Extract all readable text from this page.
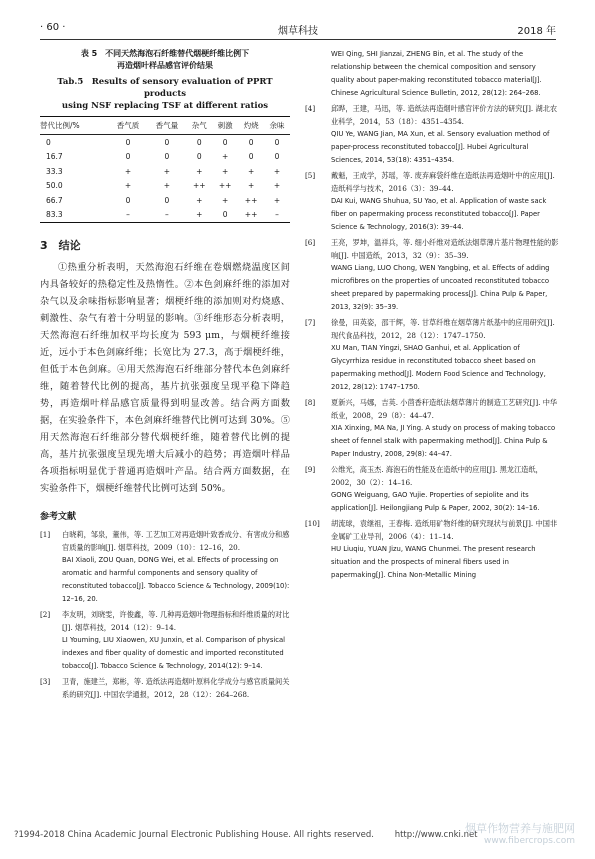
· 60 ·	烟草科技	2018 年
表 5　不同天然海泡石纤维替代烟梗纤维比例下
再造烟叶样品感官评价结果
Tab.5　Results of sensory evaluation of PPRT products
using NSF replacing TSF at different ratios
替代比例/%	香气质	香气量	杂气	刺激	灼烧	余味
0	0	0	0	0	0	0
16.7	0	0	0	+	0	0
33.3	+	+	+	+	+	+
50.0	+	+	++	++	+	+
66.7	0	0	+	+	++	+
83.3	–	–	+	0	++	–
3　结论

①热重分析表明，天然海泡石纤维在卷烟燃烧温度区间内具备较好的热稳定性及热惰性。②本色剑麻纤维的添加对杂气以及余味指标影响显著；烟梗纤维的添加则对灼烧感、刺激性、杂气有着十分明显的影响。③纤维形态分析表明，天然海泡石纤维加权平均长度为 593 μm，与烟梗纤维接近，远小于本色剑麻纤维；长宽比为 27.3，高于烟梗纤维，但低于本色剑麻。④用天然海泡石纤维部分替代本色剑麻纤维，随着替代比例的提高，基片抗张强度呈现平稳下降趋势，再造烟叶样品感官质量得到明显改善。结合两方面数据，在实验条件下，本色剑麻纤维替代比例可达到 30%。⑤用天然海泡石纤维部分替代烟梗纤维，随着替代比例的提高，基片抗张强度呈现先增大后减小的趋势；再造烟叶样品各项指标明显优于普通再造烟叶产品。结合两方面数据，在实验条件下，烟梗纤维替代比例可达到 50%。

参考文献
[1] 白晓莉，邹泉，董伟，等. 工艺加工对再造烟叶致香成分、有害成分和感官质量的影响[J]. 烟草科技，2009（10）：12–16，20.
BAI Xiaoli, ZOU Quan, DONG Wei, et al. Effects of processing on aromatic and harmful components and sensory quality of reconstituted tobacco[J]. Tobacco Science & Technology, 2009(10): 12–16, 20.
[2] 李友明，刘晓雯，许俊鑫，等. 几种再造烟叶物理指标和纤维质量的对比[J]. 烟草科技，2014（12）：9–14.
LI Youming, LIU Xiaowen, XU Junxin, et al. Comparison of physical indexes and fiber quality of domestic and imported reconstituted tobacco[J]. Tobacco Science & Technology, 2014(12): 9–14.
[3] 卫青，施建兰，郑彬，等. 造纸法再造烟叶原料化学成分与感官质量间关系的研究[J]. 中国农学通报，2012，28（12）：264–268.
WEI Qing, SHI Jianzai, ZHENG Bin, et al. The study of the relationship between the chemical composition and sensory quality about paper-making reconstituted tobacco material[J]. Chinese Agricultural Science Bulletin, 2012, 28(12): 264–268.
[4] 邱晔，王建，马迅，等. 造纸法再造烟叶感官评价方法的研究[J]. 湖北农业科学，2014，53（18）：4351–4354.
QIU Ye, WANG Jian, MA Xun, et al. Sensory evaluation method of paper-process reconstituted tobacco[J]. Hubei Agricultural Sciences, 2014, 53(18): 4351–4354.
[5] 戴魁，王成学，苏瑶，等. 废弃麻袋纤维在造纸法再造烟叶中的应用[J]. 造纸科学与技术，2016（3）：39–44.
DAI Kui, WANG Shuhua, SU Yao, et al. Application of waste sack fiber on papermaking process reconstituted tobacco[J]. Paper Science & Technology, 2016(3): 39–44.
[6] 王亮，罗坤，温祥兵，等. 细小纤维对造纸法烟草薄片基片物理性能的影响[J]. 中国造纸，2013，32（9）：35–39.
WANG Liang, LUO Chong, WEN Yangbing, et al. Effects of adding microfibres on the properties of uncoated reconstituted tobacco sheet prepared by papermaking process[J]. China Pulp & Paper, 2013, 32(9): 35–39.
[7] 徐曼，田英姿，邵干辉，等. 甘草纤维在烟草薄片纸基中的应用研究[J]. 现代食品科技，2012，28（12）：1747–1750.
XU Man, TIAN Yingzi, SHAO Ganhui, et al. Application of Glycyrrhiza residue in reconstituted tobacco sheet based on papermaking method[J]. Modern Food Science and Technology, 2012, 28(12): 1747–1750.
[8] 夏新兴，马娜，吉英. 小茴香秆造纸法烟草薄片的制造工艺研究[J]. 中华纸业，2008，29（8）：44–47.
XIA Xinxing, MA Na, JI Ying. A study on process of making tobacco sheet of fennel stalk with papermaking method[J]. China Pulp & Paper Industry, 2008, 29(8): 44–47.
[9] 公维光，高玉杰. 海泡石的性能及在造纸中的应用[J]. 黑龙江造纸，2002，30（2）：14–16.
GONG Weiguang, GAO Yujie. Properties of sepiolite and its application[J]. Heilongjiang Pulp & Paper, 2002, 30(2): 14–16.
[10] 胡流球，袁继祖，王春梅. 造纸用矿物纤维的研究现状与前景[J]. 中国非金属矿工业导刊，2006（4）：11–14.
HU Liuqiu, YUAN Jizu, WANG Chunmei. The present research situation and the prospects of mineral fibers used in papermaking[J]. China Non-Metallic Mining
?1994-2018 China Academic Journal Electronic Publishing House. All rights reserved. http://www.cnki.net
烟草作物营养与施肥网
www.fibercrops.com
